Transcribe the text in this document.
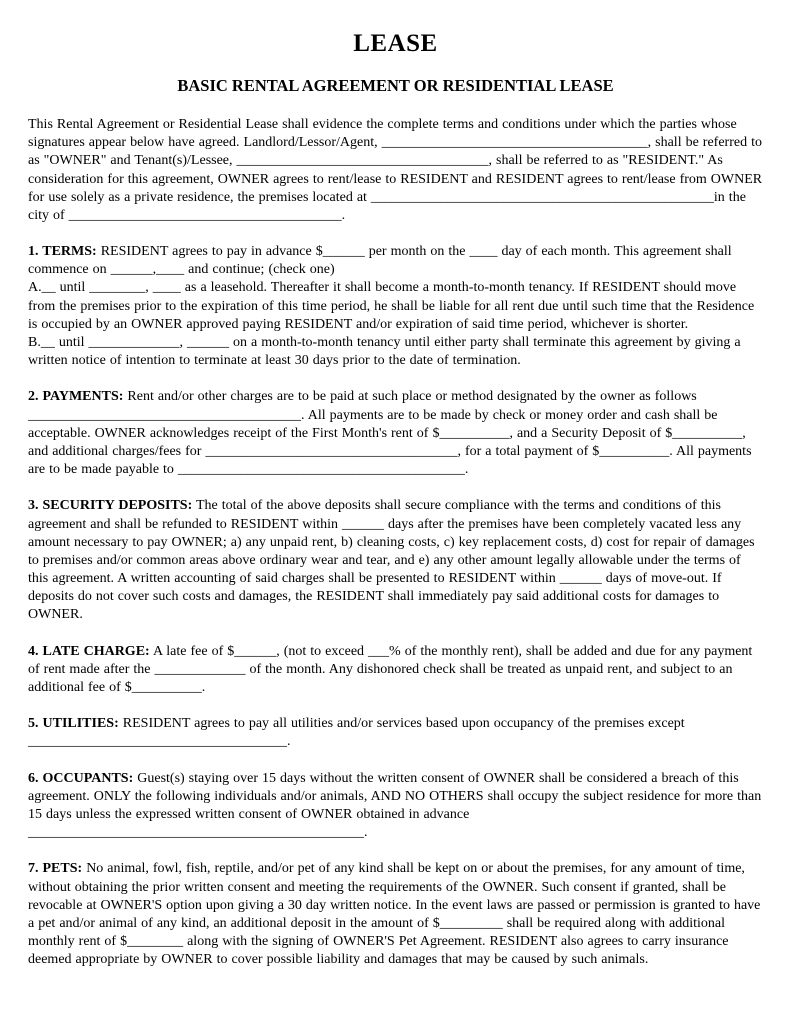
LEASE
BASIC RENTAL AGREEMENT OR RESIDENTIAL LEASE

This Rental Agreement or Residential Lease shall evidence the complete terms and conditions under which the parties whose signatures appear below have agreed. Landlord/Lessor/Agent, ______________________________________, shall be referred to as "OWNER" and Tenant(s)/Lessee, ____________________________________, shall be referred to as "RESIDENT." As consideration for this agreement, OWNER agrees to rent/lease to RESIDENT and RESIDENT agrees to rent/lease from OWNER for use solely as a private residence, the premises located at _________________________________________________in the city of _______________________________________.

1. TERMS: RESIDENT agrees to pay in advance $______ per month on the ____ day of each month. This agreement shall commence on ______,____ and continue; (check one)

A.__ until ________, ____ as a leasehold. Thereafter it shall become a month-to-month tenancy. If RESIDENT should move from the premises prior to the expiration of this time period, he shall be liable for all rent due until such time that the Residence is occupied by an OWNER approved paying RESIDENT and/or expiration of said time period, whichever is shorter.

B.__ until _____________, ______ on a month-to-month tenancy until either party shall terminate this agreement by giving a written notice of intention to terminate at least 30 days prior to the date of termination.

2. PAYMENTS: Rent and/or other charges are to be paid at such place or method designated by the owner as follows _______________________________________. All payments are to be made by check or money order and cash shall be acceptable. OWNER acknowledges receipt of the First Month's rent of $__________, and a Security Deposit of $__________, and additional charges/fees for ____________________________________, for a total payment of $__________. All payments are to be made payable to _________________________________________.

3. SECURITY DEPOSITS: The total of the above deposits shall secure compliance with the terms and conditions of this agreement and shall be refunded to RESIDENT within ______ days after the premises have been completely vacated less any amount necessary to pay OWNER; a) any unpaid rent, b) cleaning costs, c) key replacement costs, d) cost for repair of damages to premises and/or common areas above ordinary wear and tear, and e) any other amount legally allowable under the terms of this agreement. A written accounting of said charges shall be presented to RESIDENT within ______ days of move-out. If deposits do not cover such costs and damages, the RESIDENT shall immediately pay said additional costs for damages to OWNER.

4. LATE CHARGE: A late fee of $______, (not to exceed ___% of the monthly rent), shall be added and due for any payment of rent made after the _____________ of the month. Any dishonored check shall be treated as unpaid rent, and subject to an additional fee of $__________.

5. UTILITIES: RESIDENT agrees to pay all utilities and/or services based upon occupancy of the premises except _____________________________________.

6. OCCUPANTS: Guest(s) staying over 15 days without the written consent of OWNER shall be considered a breach of this agreement. ONLY the following individuals and/or animals, AND NO OTHERS shall occupy the subject residence for more than 15 days unless the expressed written consent of OWNER obtained in advance ________________________________________________.

7. PETS: No animal, fowl, fish, reptile, and/or pet of any kind shall be kept on or about the premises, for any amount of time, without obtaining the prior written consent and meeting the requirements of the OWNER. Such consent if granted, shall be revocable at OWNER'S option upon giving a 30 day written notice. In the event laws are passed or permission is granted to have a pet and/or animal of any kind, an additional deposit in the amount of $_________ shall be required along with additional monthly rent of $________ along with the signing of OWNER'S Pet Agreement. RESIDENT also agrees to carry insurance deemed appropriate by OWNER to cover possible liability and damages that may be caused by such animals.
